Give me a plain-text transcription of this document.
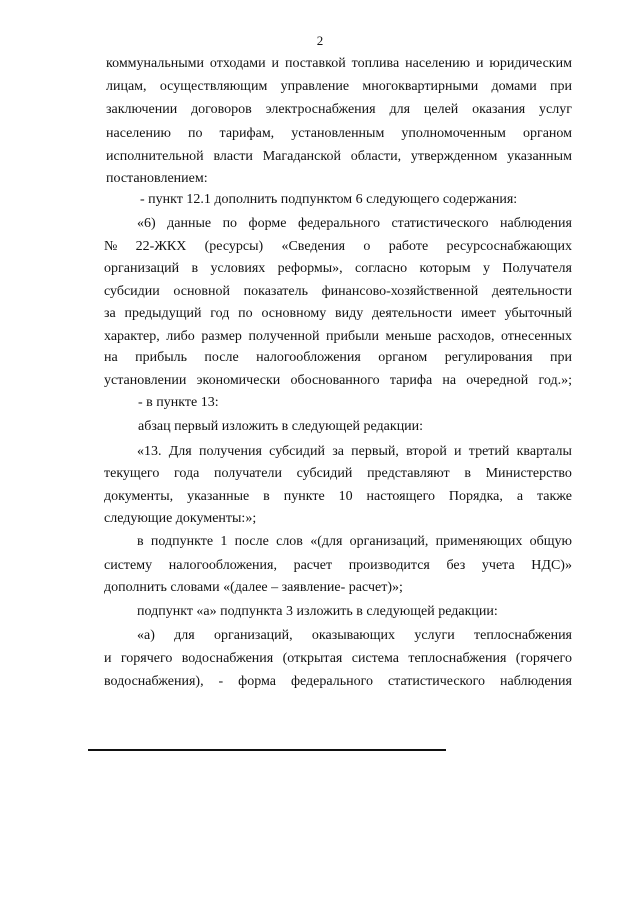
2
коммунальными отходами и поставкой топлива населению и юридическим
лицам, осуществляющим управление многоквартирными домами при
заключении договоров электроснабжения для целей оказания услуг
населению по тарифам, установленным уполномоченным органом
исполнительной власти Магаданской области, утвержденном указанным
постановлением:
- пункт 12.1 дополнить подпунктом 6 следующего содержания:
«6) данные по форме федерального статистического наблюдения
№ 22-ЖКХ (ресурсы) «Сведения о работе ресурсоснабжающих
организаций в условиях реформы», согласно которым у Получателя
субсидии основной показатель финансово-хозяйственной деятельности
за предыдущий год по основному виду деятельности имеет убыточный
характер, либо размер полученной прибыли меньше расходов, отнесенных
на прибыль после налогообложения органом регулирования при
установлении экономически обоснованного тарифа на очередной год.»;
- в пункте 13:
абзац первый изложить в следующей редакции:
«13. Для получения субсидий за первый, второй и третий кварталы
текущего года получатели субсидий представляют в Министерство
документы, указанные в пункте 10 настоящего Порядка, а также
следующие документы:»;
в подпункте 1 после слов «(для организаций, применяющих общую
систему налогообложения, расчет производится без учета НДС)»
дополнить словами «(далее – заявление- расчет)»;
подпункт «а» подпункта 3 изложить в следующей редакции:
«а) для организаций, оказывающих услуги теплоснабжения
и горячего водоснабжения (открытая система теплоснабжения (горячего
водоснабжения), - форма федерального статистического наблюдения
